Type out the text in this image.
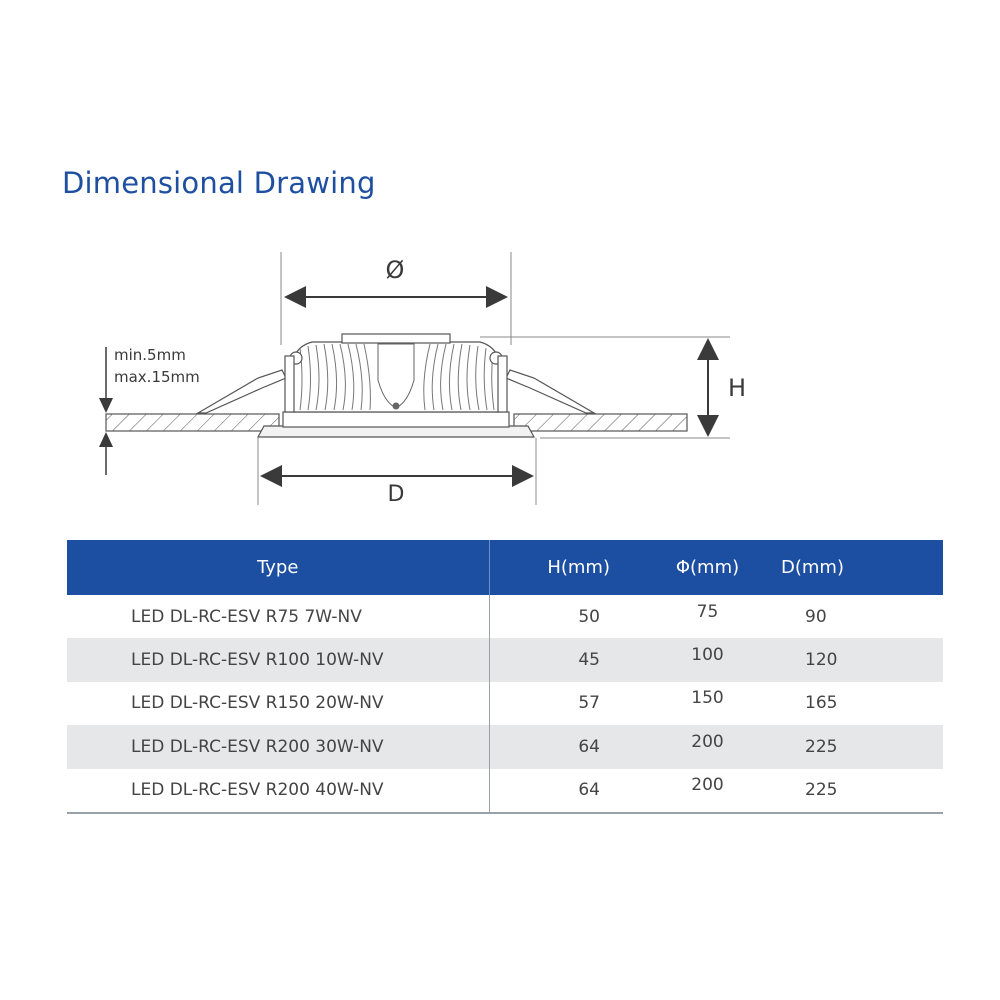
Dimensional Drawing
Ø
H
min.5mm
max.15mm
D
Type	H(mm)	Φ(mm)	D(mm)
LED DL-RC-ESV R75 7W-NV	50	75	90
LED DL-RC-ESV R100 10W-NV	45	100	120
LED DL-RC-ESV R150 20W-NV	57	150	165
LED DL-RC-ESV R200 30W-NV	64	200	225
LED DL-RC-ESV R200 40W-NV	64	200	225
